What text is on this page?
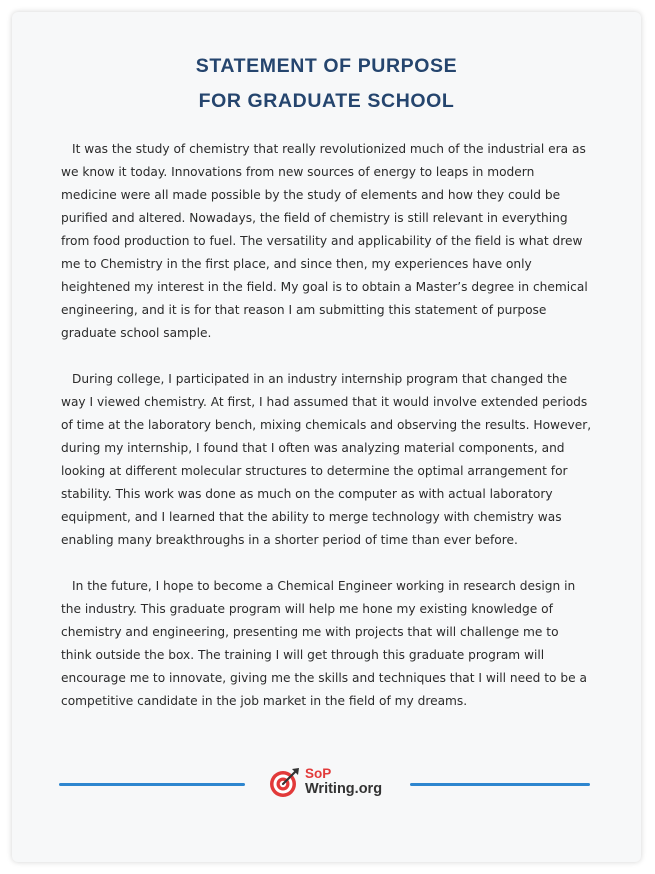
STATEMENT OF PURPOSE
FOR GRADUATE SCHOOL

It was the study of chemistry that really revolutionized much of the industrial era as we know it today. Innovations from new sources of energy to leaps in modern medicine were all made possible by the study of elements and how they could be purified and altered. Nowadays, the field of chemistry is still relevant in everything from food production to fuel. The versatility and applicability of the field is what drew me to Chemistry in the first place, and since then, my experiences have only heightened my interest in the field. My goal is to obtain a Master’s degree in chemical engineering, and it is for that reason I am submitting this statement of purpose graduate school sample.

During college, I participated in an industry internship program that changed the way I viewed chemistry. At first, I had assumed that it would involve extended periods of time at the laboratory bench, mixing chemicals and observing the results. However, during my internship, I found that I often was analyzing material components, and looking at different molecular structures to determine the optimal arrangement for stability. This work was done as much on the computer as with actual laboratory equipment, and I learned that the ability to merge technology with chemistry was enabling many breakthroughs in a shorter period of time than ever before.

In the future, I hope to become a Chemical Engineer working in research design in the industry. This graduate program will help me hone my existing knowledge of chemistry and engineering, presenting me with projects that will challenge me to think outside the box. The training I will get through this graduate program will encourage me to innovate, giving me the skills and techniques that I will need to be a competitive candidate in the job market in the field of my dreams.

SoP
Writing.org
